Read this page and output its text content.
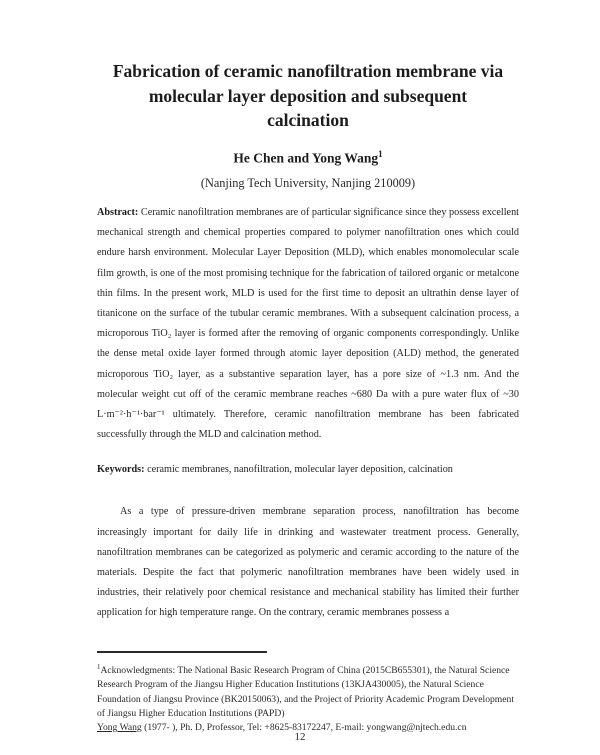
Fabrication of ceramic nanofiltration membrane via
molecular layer deposition and subsequent
calcination
He Chen and Yong Wang$^1$
(Nanjing Tech University, Nanjing 210009)

Abstract: Ceramic nanofiltration membranes are of particular significance since they possess excellent mechanical strength and chemical properties compared to polymer nanofiltration ones which could endure harsh environment. Molecular Layer Deposition (MLD), which enables monomolecular scale film growth, is one of the most promising technique for the fabrication of tailored organic or metalcone thin films. In the present work, MLD is used for the first time to deposit an ultrathin dense layer of titanicone on the surface of the tubular ceramic membranes. With a subsequent calcination process, a microporous TiO₂ layer is formed after the removing of organic components correspondingly. Unlike the dense metal oxide layer formed through atomic layer deposition (ALD) method, the generated microporous TiO₂ layer, as a substantive separation layer, has a pore size of ~1.3 nm. And the molecular weight cut off of the ceramic membrane reaches ~680 Da with a pure water flux of ~30 L·m⁻²·h⁻¹·bar⁻¹ ultimately. Therefore, ceramic nanofiltration membrane has been fabricated successfully through the MLD and calcination method.

Keywords: ceramic membranes, nanofiltration, molecular layer deposition, calcination

As a type of pressure-driven membrane separation process, nanofiltration has become increasingly important for daily life in drinking and wastewater treatment process. Generally, nanofiltration membranes can be categorized as polymeric and ceramic according to the nature of the materials. Despite the fact that polymeric nanofiltration membranes have been widely used in industries, their relatively poor chemical resistance and mechanical stability has limited their further application for high temperature range. On the contrary, ceramic membranes possess a

$^1$Acknowledgments: The National Basic Research Program of China (2015CB655301), the Natural Science Research Program of the Jiangsu Higher Education Institutions (13KJA430005), the Natural Science Foundation of Jiangsu Province (BK20150063), and the Project of Priority Academic Program Development of Jiangsu Higher Education Institutions (PAPD)
Yong Wang (1977- ), Ph. D, Professor, Tel: +8625-83172247, E-mail: yongwang@njtech.edu.cn
12
